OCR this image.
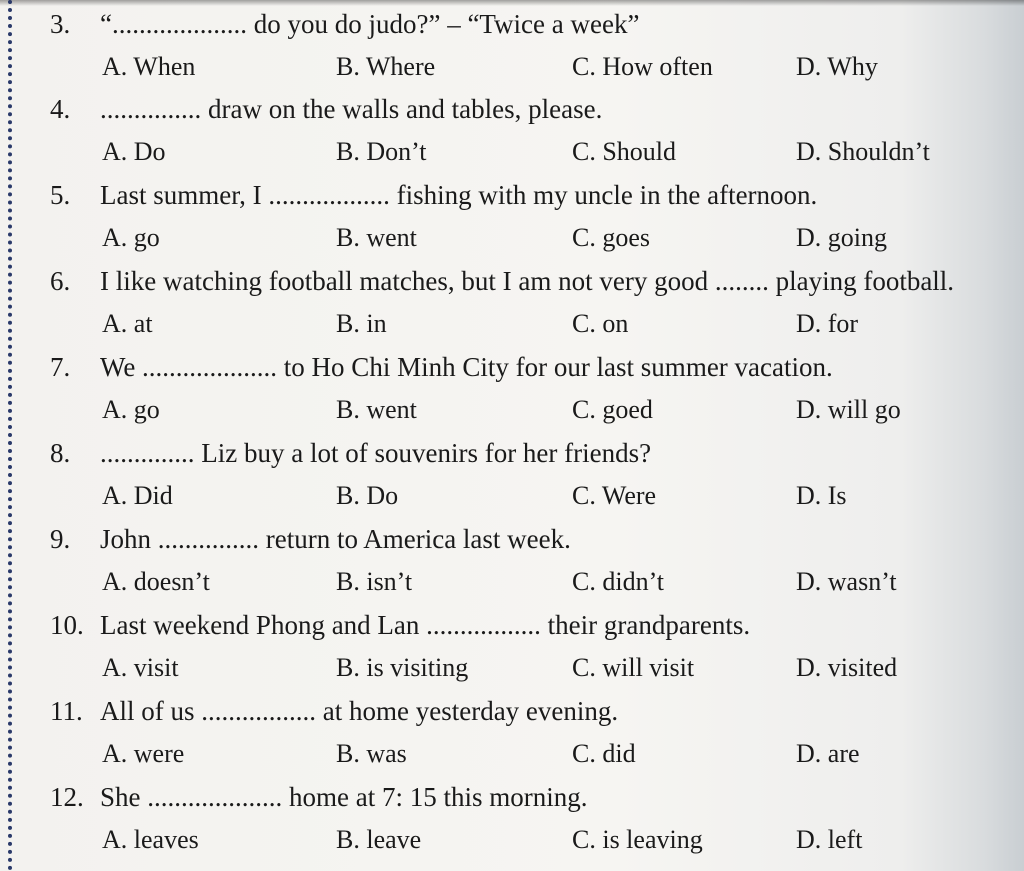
3. “.................... do you do judo?” – “Twice a week”
A. When	B. Where	C. How often	D. Why
4. ............... draw on the walls and tables, please.
A. Do	B. Don’t	C. Should	D. Shouldn’t
5. Last summer, I .................. fishing with my uncle in the afternoon.
A. go	B. went	C. goes	D. going
6. I like watching football matches, but I am not very good ........ playing football.
A. at	B. in	C. on	D. for
7. We .................... to Ho Chi Minh City for our last summer vacation.
A. go	B. went	C. goed	D. will go
8. .............. Liz buy a lot of souvenirs for her friends?
A. Did	B. Do	C. Were	D. Is
9. John ............... return to America last week.
A. doesn’t	B. isn’t	C. didn’t	D. wasn’t
10. Last weekend Phong and Lan ................. their grandparents.
A. visit	B. is visiting	C. will visit	D. visited
11. All of us ................. at home yesterday evening.
A. were	B. was	C. did	D. are
12. She .................... home at 7: 15 this morning.
A. leaves	B. leave	C. is leaving	D. left
